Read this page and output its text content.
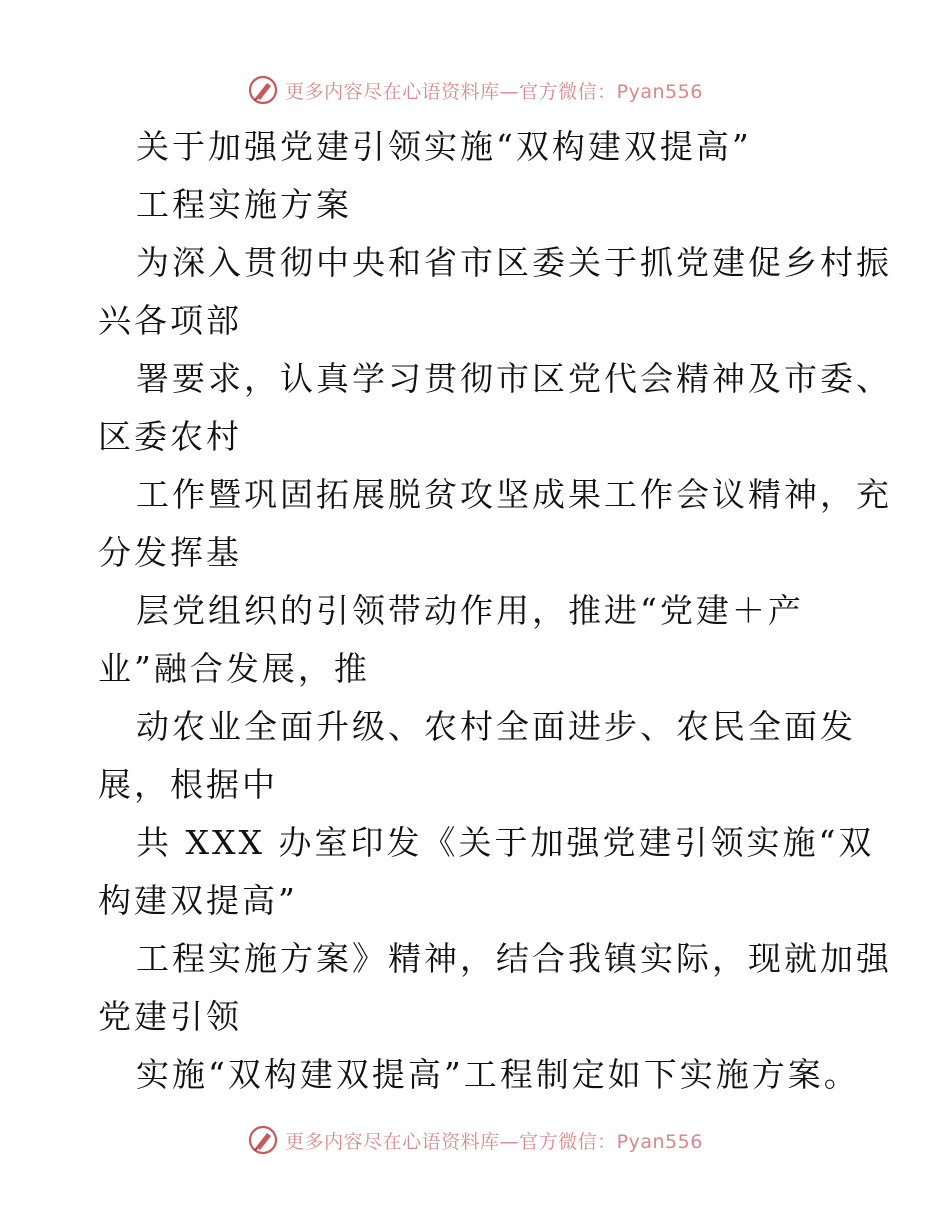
更多内容尽在心语资料库—官方微信：Pyan556
关于加强党建引领实施“双构建双提高”
工程实施方案
为深入贯彻中央和省市区委关于抓党建促乡村振
兴各项部
署要求，认真学习贯彻市区党代会精神及市委、
区委农村
工作暨巩固拓展脱贫攻坚成果工作会议精神，充
分发挥基
层党组织的引领带动作用，推进“党建＋产
业”融合发展，推
动农业全面升级、农村全面进步、农民全面发
展，根据中
共 XXX 办室印发《关于加强党建引领实施“双
构建双提高”
工程实施方案》精神，结合我镇实际，现就加强
党建引领
实施“双构建双提高”工程制定如下实施方案。
更多内容尽在心语资料库—官方微信：Pyan556
